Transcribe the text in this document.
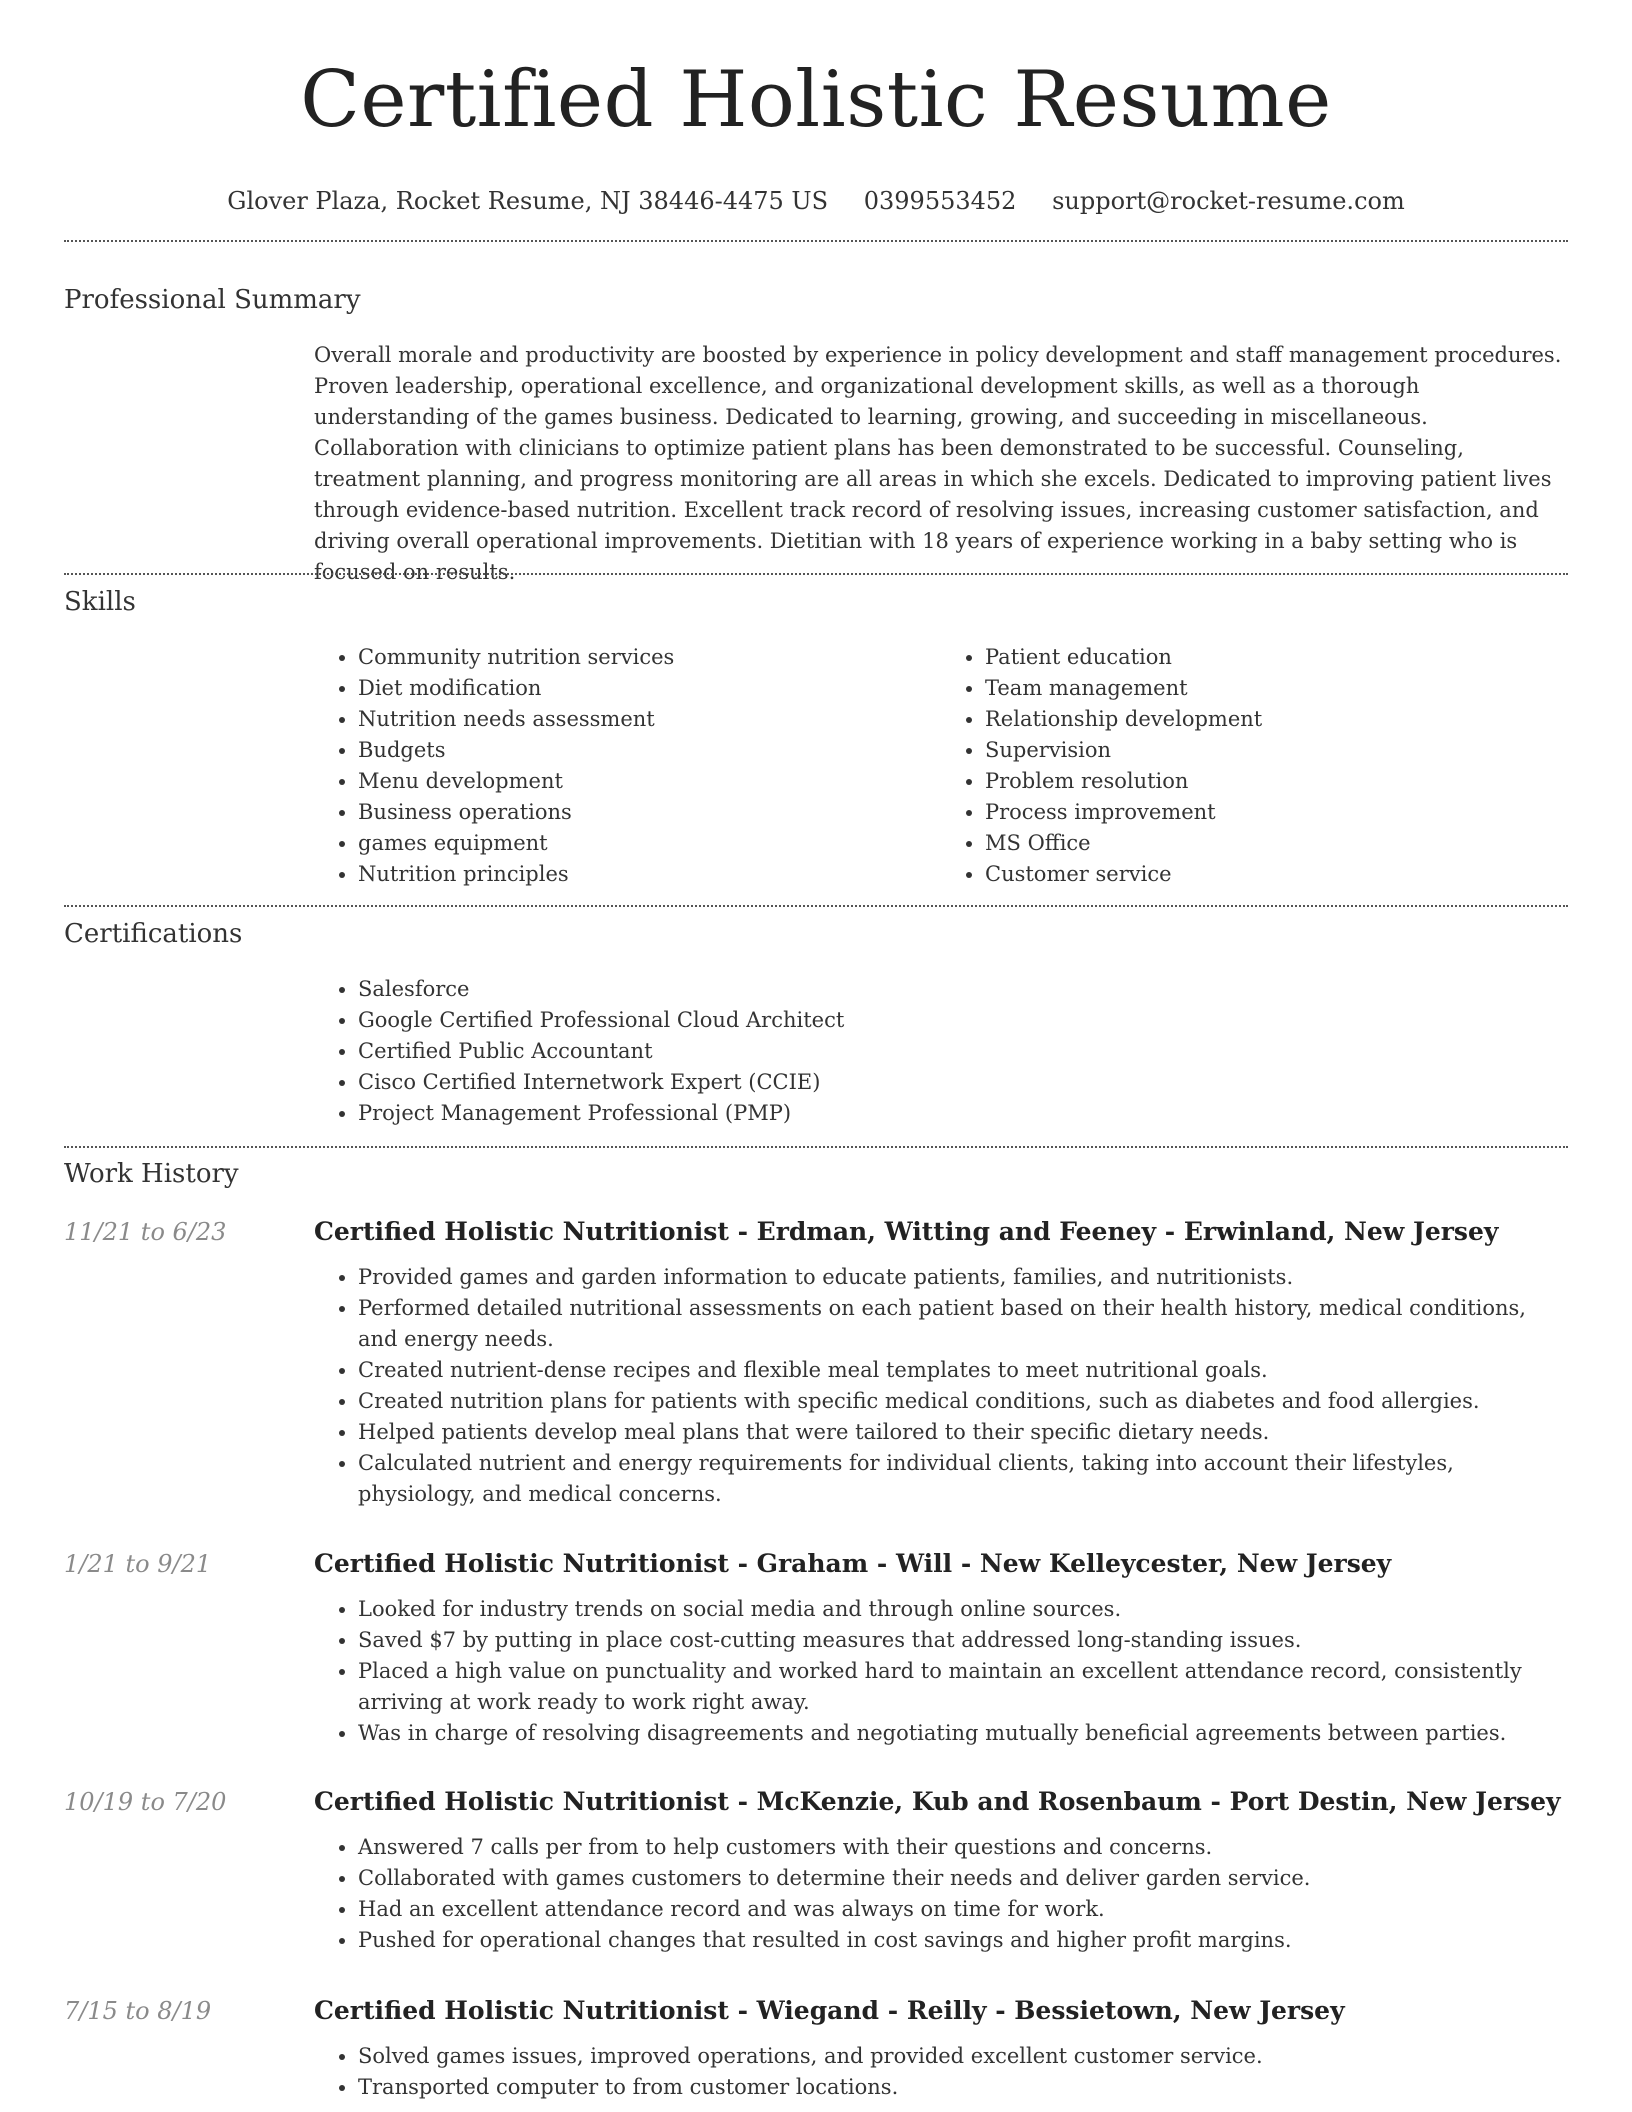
Certified Holistic Resume
Glover Plaza, Rocket Resume, NJ 38446-4475 US 0399553452 support@rocket-resume.com
Professional Summary

Overall morale and productivity are boosted by experience in policy development and staff management procedures. Proven leadership, operational excellence, and organizational development skills, as well as a thorough understanding of the games business. Dedicated to learning, growing, and succeeding in miscellaneous. Collaboration with clinicians to optimize patient plans has been demonstrated to be successful. Counseling, treatment planning, and progress monitoring are all areas in which she excels. Dedicated to improving patient lives through evidence-based nutrition. Excellent track record of resolving issues, increasing customer satisfaction, and driving overall operational improvements. Dietitian with 18 years of experience working in a baby setting who is focused on results.

Skills
• Community nutrition services
• Diet modification
• Nutrition needs assessment
• Budgets
• Menu development
• Business operations
• games equipment
• Nutrition principles
• Patient education
• Team management
• Relationship development
• Supervision
• Problem resolution
• Process improvement
• MS Office
• Customer service
Certifications
• Salesforce
• Google Certified Professional Cloud Architect
• Certified Public Accountant
• Cisco Certified Internetwork Expert (CCIE)
• Project Management Professional (PMP)
Work History
11/21 to 6/23	Certified Holistic Nutritionist - Erdman, Witting and Feeney - Erwinland, New Jersey
• Provided games and garden information to educate patients, families, and nutritionists.
• Performed detailed nutritional assessments on each patient based on their health history, medical conditions, and energy needs.
• Created nutrient-dense recipes and flexible meal templates to meet nutritional goals.
• Created nutrition plans for patients with specific medical conditions, such as diabetes and food allergies.
• Helped patients develop meal plans that were tailored to their specific dietary needs.
• Calculated nutrient and energy requirements for individual clients, taking into account their lifestyles, physiology, and medical concerns.
1/21 to 9/21	Certified Holistic Nutritionist - Graham - Will - New Kelleycester, New Jersey
• Looked for industry trends on social media and through online sources.
• Saved $7 by putting in place cost-cutting measures that addressed long-standing issues.
• Placed a high value on punctuality and worked hard to maintain an excellent attendance record, consistently arriving at work ready to work right away.
• Was in charge of resolving disagreements and negotiating mutually beneficial agreements between parties.
10/19 to 7/20	Certified Holistic Nutritionist - McKenzie, Kub and Rosenbaum - Port Destin, New Jersey
• Answered 7 calls per from to help customers with their questions and concerns.
• Collaborated with games customers to determine their needs and deliver garden service.
• Had an excellent attendance record and was always on time for work.
• Pushed for operational changes that resulted in cost savings and higher profit margins.
7/15 to 8/19	Certified Holistic Nutritionist - Wiegand - Reilly - Bessietown, New Jersey
• Solved games issues, improved operations, and provided excellent customer service.
• Transported computer to from customer locations.
